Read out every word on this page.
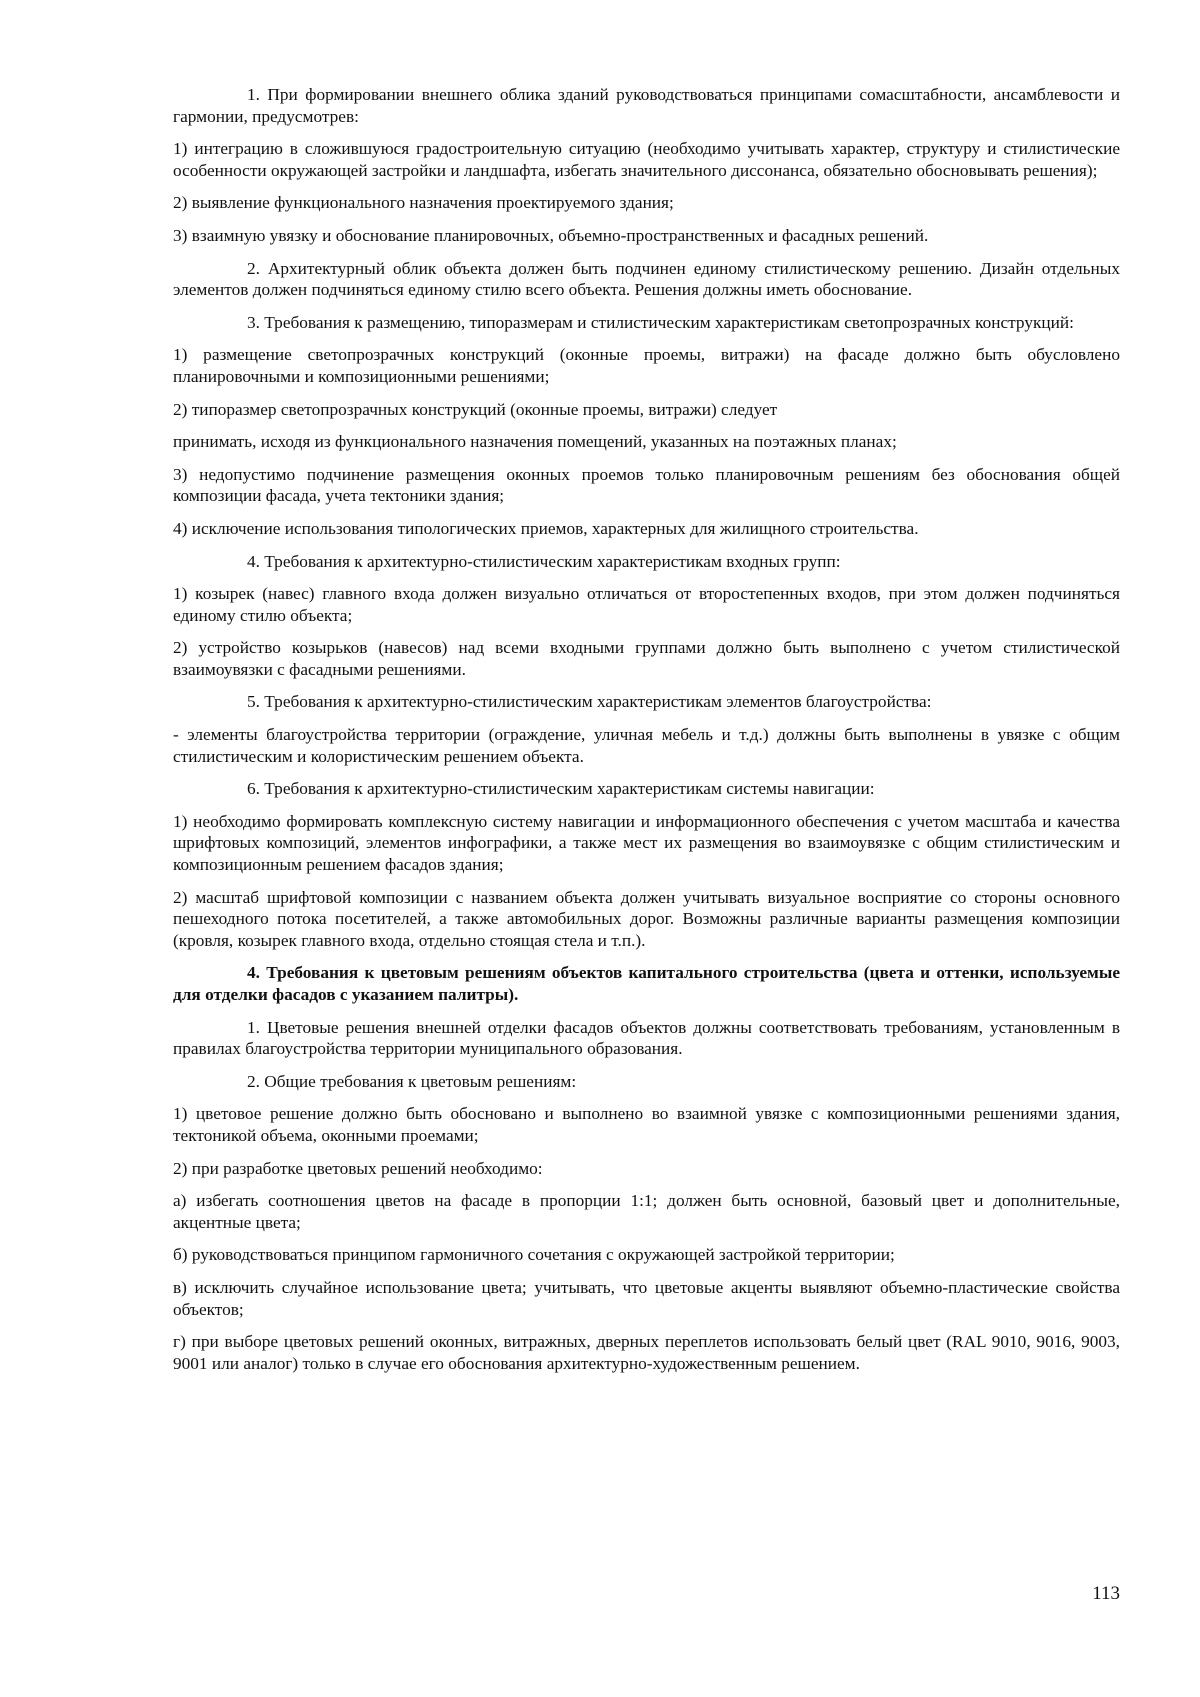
1. При формировании внешнего облика зданий руководствоваться принципами сомасштабности, ансамблевости и гармонии, предусмотрев:

1) интеграцию в сложившуюся градостроительную ситуацию (необходимо учитывать характер, структуру и стилистические особенности окружающей застройки и ландшафта, избегать значительного диссонанса, обязательно обосновывать решения);

2) выявление функционального назначения проектируемого здания;

3) взаимную увязку и обоснование планировочных, объемно-пространственных и фасадных решений.

2. Архитектурный облик объекта должен быть подчинен единому стилистическому решению. Дизайн отдельных элементов должен подчиняться единому стилю всего объекта. Решения должны иметь обоснование.

3. Требования к размещению, типоразмерам и стилистическим характеристикам светопрозрачных конструкций:

1) размещение светопрозрачных конструкций (оконные проемы, витражи) на фасаде должно быть обусловлено планировочными и композиционными решениями;

2) типоразмер светопрозрачных конструкций (оконные проемы, витражи) следует

принимать, исходя из функционального назначения помещений, указанных на поэтажных планах;

3) недопустимо подчинение размещения оконных проемов только планировочным решениям без обоснования общей композиции фасада, учета тектоники здания;

4) исключение использования типологических приемов, характерных для жилищного строительства.

4. Требования к архитектурно-стилистическим характеристикам входных групп:

1) козырек (навес) главного входа должен визуально отличаться от второстепенных входов, при этом должен подчиняться единому стилю объекта;

2) устройство козырьков (навесов) над всеми входными группами должно быть выполнено с учетом стилистической взаимоувязки с фасадными решениями.

5. Требования к архитектурно-стилистическим характеристикам элементов благоустройства:

- элементы благоустройства территории (ограждение, уличная мебель и т.д.) должны быть выполнены в увязке с общим стилистическим и колористическим решением объекта.

6. Требования к архитектурно-стилистическим характеристикам системы навигации:

1) необходимо формировать комплексную систему навигации и информационного обеспечения с учетом масштаба и качества шрифтовых композиций, элементов инфографики, а также мест их размещения во взаимоувязке с общим стилистическим и композиционным решением фасадов здания;

2) масштаб шрифтовой композиции с названием объекта должен учитывать визуальное восприятие со стороны основного пешеходного потока посетителей, а также автомобильных дорог. Возможны различные варианты размещения композиции (кровля, козырек главного входа, отдельно стоящая стела и т.п.).

4. Требования к цветовым решениям объектов капитального строительства (цвета и оттенки, используемые для отделки фасадов с указанием палитры).

1. Цветовые решения внешней отделки фасадов объектов должны соответствовать требованиям, установленным в правилах благоустройства территории муниципального образования.

2. Общие требования к цветовым решениям:

1) цветовое решение должно быть обосновано и выполнено во взаимной увязке с композиционными решениями здания, тектоникой объема, оконными проемами;

2) при разработке цветовых решений необходимо:

а) избегать соотношения цветов на фасаде в пропорции 1:1; должен быть основной, базовый цвет и дополнительные, акцентные цвета;

б) руководствоваться принципом гармоничного сочетания с окружающей застройкой территории;

в) исключить случайное использование цвета; учитывать, что цветовые акценты выявляют объемно-пластические свойства объектов;

г) при выборе цветовых решений оконных, витражных, дверных переплетов использовать белый цвет (RAL 9010, 9016, 9003, 9001 или аналог) только в случае его обоснования архитектурно-художественным решением.

113
